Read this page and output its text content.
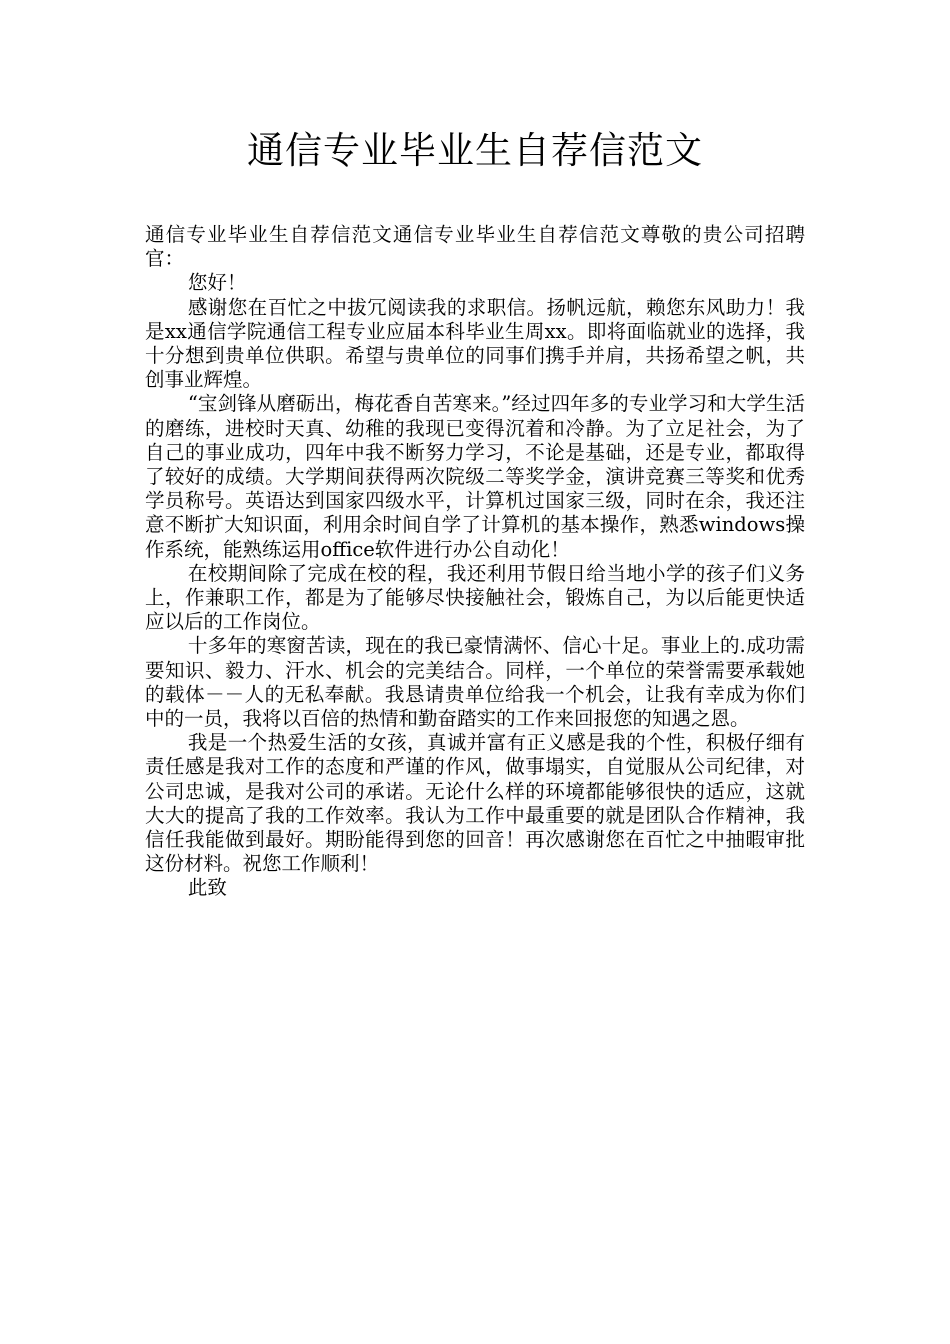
通信专业毕业生自荐信范文

通信专业毕业生自荐信范文通信专业毕业生自荐信范文尊敬的贵公司招聘官：

您好！

感谢您在百忙之中拔冗阅读我的求职信。扬帆远航，赖您东风助力！我是xx通信学院通信工程专业应届本科毕业生周xx。即将面临就业的选择，我十分想到贵单位供职。希望与贵单位的同事们携手并肩，共扬希望之帆，共创事业辉煌。

“宝剑锋从磨砺出，梅花香自苦寒来。”经过四年多的专业学习和大学生活的磨练，进校时天真、幼稚的我现已变得沉着和冷静。为了立足社会，为了自己的事业成功，四年中我不断努力学习，不论是基础，还是专业，都取得了较好的成绩。大学期间获得两次院级二等奖学金，演讲竞赛三等奖和优秀学员称号。英语达到国家四级水平，计算机过国家三级，同时在余，我还注意不断扩大知识面，利用余时间自学了计算机的基本操作，熟悉windows操作系统，能熟练运用office软件进行办公自动化！

在校期间除了完成在校的程，我还利用节假日给当地小学的孩子们义务上，作兼职工作，都是为了能够尽快接触社会，锻炼自己，为以后能更快适应以后的工作岗位。

十多年的寒窗苦读，现在的我已豪情满怀、信心十足。事业上的.成功需要知识、毅力、汗水、机会的完美结合。同样，一个单位的荣誉需要承载她的载体－－人的无私奉献。我恳请贵单位给我一个机会，让我有幸成为你们中的一员，我将以百倍的热情和勤奋踏实的工作来回报您的知遇之恩。

我是一个热爱生活的女孩，真诚并富有正义感是我的个性，积极仔细有责任感是我对工作的态度和严谨的作风，做事塌实，自觉服从公司纪律，对公司忠诚，是我对公司的承诺。无论什么样的环境都能够很快的适应，这就大大的提高了我的工作效率。我认为工作中最重要的就是团队合作精神，我信任我能做到最好。期盼能得到您的回音！再次感谢您在百忙之中抽暇审批这份材料。祝您工作顺利！

此致
